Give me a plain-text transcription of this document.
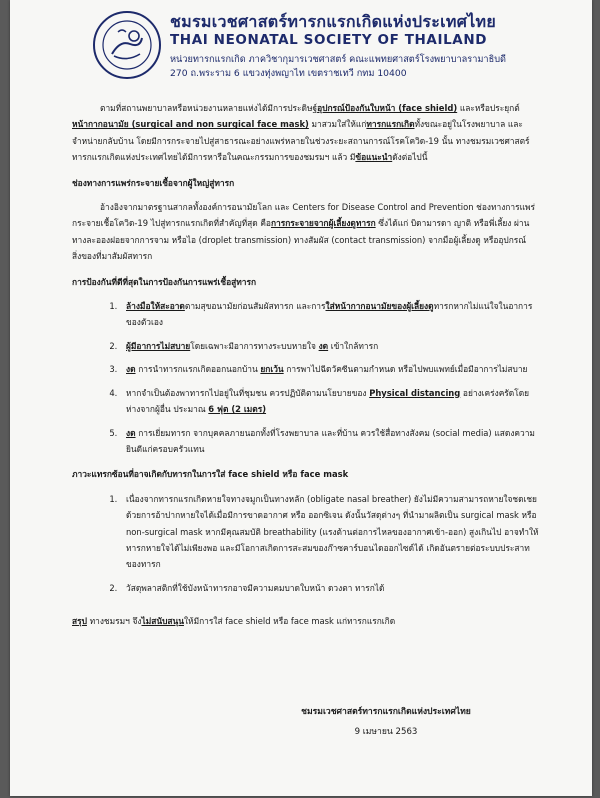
ชมรมเวชศาสตร์ทารกแรกเกิดแห่งประเทศไทย
THAI NEONATAL SOCIETY OF THAILAND
หน่วยทารกแรกเกิด ภาควิชากุมารเวชศาสตร์ คณะแพทยศาสตร์โรงพยาบาลรามาธิบดี
270 ถ.พระราม 6 แขวงทุ่งพญาไท เขตราชเทวี กทม 10400

ตามที่สถานพยาบาลหรือหน่วยงานหลายแห่งได้มีการประดิษฐ์อุปกรณ์ป้องกันใบหน้า (face shield) และหรือประยุกต์หน้ากากอนามัย (surgical and non surgical face mask) มาสวมใส่ให้แก่ทารกแรกเกิดทั้งขณะอยู่ในโรงพยาบาล และจำหน่ายกลับบ้าน โดยมีการกระจายไปสู่สาธารณะอย่างแพร่หลายในช่วงระยะสถานการณ์โรคโควิด-19 นั้น ทางชมรมเวชศาสตร์ทารกแรกเกิดแห่งประเทศไทยได้มีการหารือในคณะกรรมการของชมรมฯ แล้ว มีข้อแนะนำดังต่อไปนี้

ช่องทางการแพร่กระจายเชื้อจากผู้ใหญ่สู่ทารก

อ้างอิงจากมาตรฐานสากลทั้งองค์การอนามัยโลก และ Centers for Disease Control and Prevention ช่องทางการแพร่กระจายเชื้อโควิด-19 ไปสู่ทารกแรกเกิดที่สำคัญที่สุด คือการกระจายจากผู้เลี้ยงดูทารก ซึ่งได้แก่ บิดามารดา ญาติ หรือพี่เลี้ยง ผ่านทางละอองฝอยจากการจาม หรือไอ (droplet transmission) ทางสัมผัส (contact transmission) จากมือผู้เลี้ยงดู หรืออุปกรณ์ สิ่งของที่มาสัมผัสทารก

การป้องกันที่ดีที่สุดในการป้องกันการแพร่เชื้อสู่ทารก

1. ล้างมือให้สะอาดตามสุขอนามัยก่อนสัมผัสทารก และการใส่หน้ากากอนามัยของผู้เลี้ยงดูทารกหากไม่แน่ใจในอาการของตัวเอง
2. ผู้มีอาการไม่สบายโดยเฉพาะมีอาการทางระบบหายใจ งด เข้าใกล้ทารก
3. งด การนำทารกแรกเกิดออกนอกบ้าน ยกเว้น การพาไปฉีดวัคซีนตามกำหนด หรือไปพบแพทย์เมื่อมีอาการไม่สบาย
4. หากจำเป็นต้องพาทารกไปอยู่ในที่ชุมชน ควรปฏิบัติตามนโยบายของ Physical distancing อย่างเคร่งครัดโดยห่างจากผู้อื่น ประมาณ 6 ฟุต (2 เมตร)
5. งด การเยี่ยมทารก จากบุคคลภายนอกทั้งที่โรงพยาบาล และที่บ้าน ควรใช้สื่อทางสังคม (social media) แสดงความยินดีแก่ครอบครัวแทน

ภาวะแทรกซ้อนที่อาจเกิดกับทารกในการใส่ face shield หรือ face mask

1. เนื่องจากทารกแรกเกิดหายใจทางจมูกเป็นทางหลัก (obligate nasal breather) ยังไม่มีความสามารถหายใจชดเชยด้วยการอ้าปากหายใจได้เมื่อมีการขาดอากาศ หรือ ออกซิเจน ดังนั้นวัสดุต่างๆ ที่นำมาผลิตเป็น surgical mask หรือ non-surgical mask หากมีคุณสมบัติ breathability (แรงต้านต่อการไหลของอากาศเข้า-ออก) สูงเกินไป อาจทำให้ทารกหายใจได้ไม่เพียงพอ และมีโอกาสเกิดการสะสมของก๊าซคาร์บอนไดออกไซด์ได้ เกิดอันตรายต่อระบบประสาทของทารก
2. วัสดุพลาสติกที่ใช้บังหน้าทารกอาจมีความคมบาดใบหน้า ดวงตา ทารกได้

สรุป ทางชมรมฯ จึงไม่สนับสนุนให้มีการใส่ face shield หรือ face mask แก่ทารกแรกเกิด

ชมรมเวชศาสตร์ทารกแรกเกิดแห่งประเทศไทย
9 เมษายน 2563
